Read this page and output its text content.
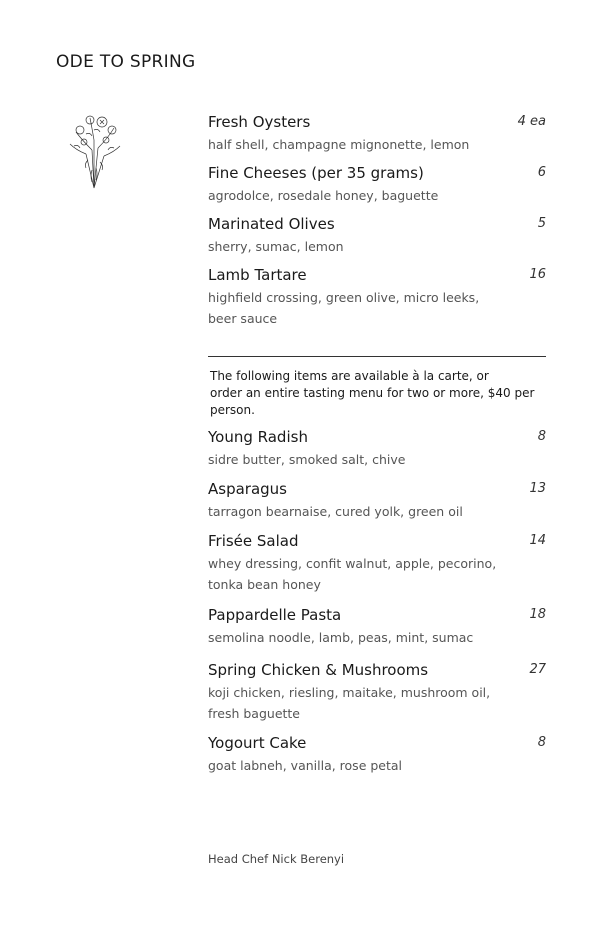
ODE TO SPRING
Fresh Oysters	4 ea
half shell, champagne mignonette, lemon
Fine Cheeses (per 35 grams)	6
agrodolce, rosedale honey, baguette
Marinated Olives	5
sherry, sumac, lemon
Lamb Tartare	16
highfield crossing, green olive, micro leeks,
beer sauce
The following items are available à la carte, or
order an entire tasting menu for two or more, $40 per person.
Young Radish	8
sidre butter, smoked salt, chive
Asparagus	13
tarragon bearnaise, cured yolk, green oil
Frisée Salad	14
whey dressing, confit walnut, apple, pecorino,
tonka bean honey
Pappardelle Pasta	18
semolina noodle, lamb, peas, mint, sumac
Spring Chicken & Mushrooms	27
koji chicken, riesling, maitake, mushroom oil,
fresh baguette
Yogourt Cake	8
goat labneh, vanilla, rose petal
Head Chef Nick Berenyi
